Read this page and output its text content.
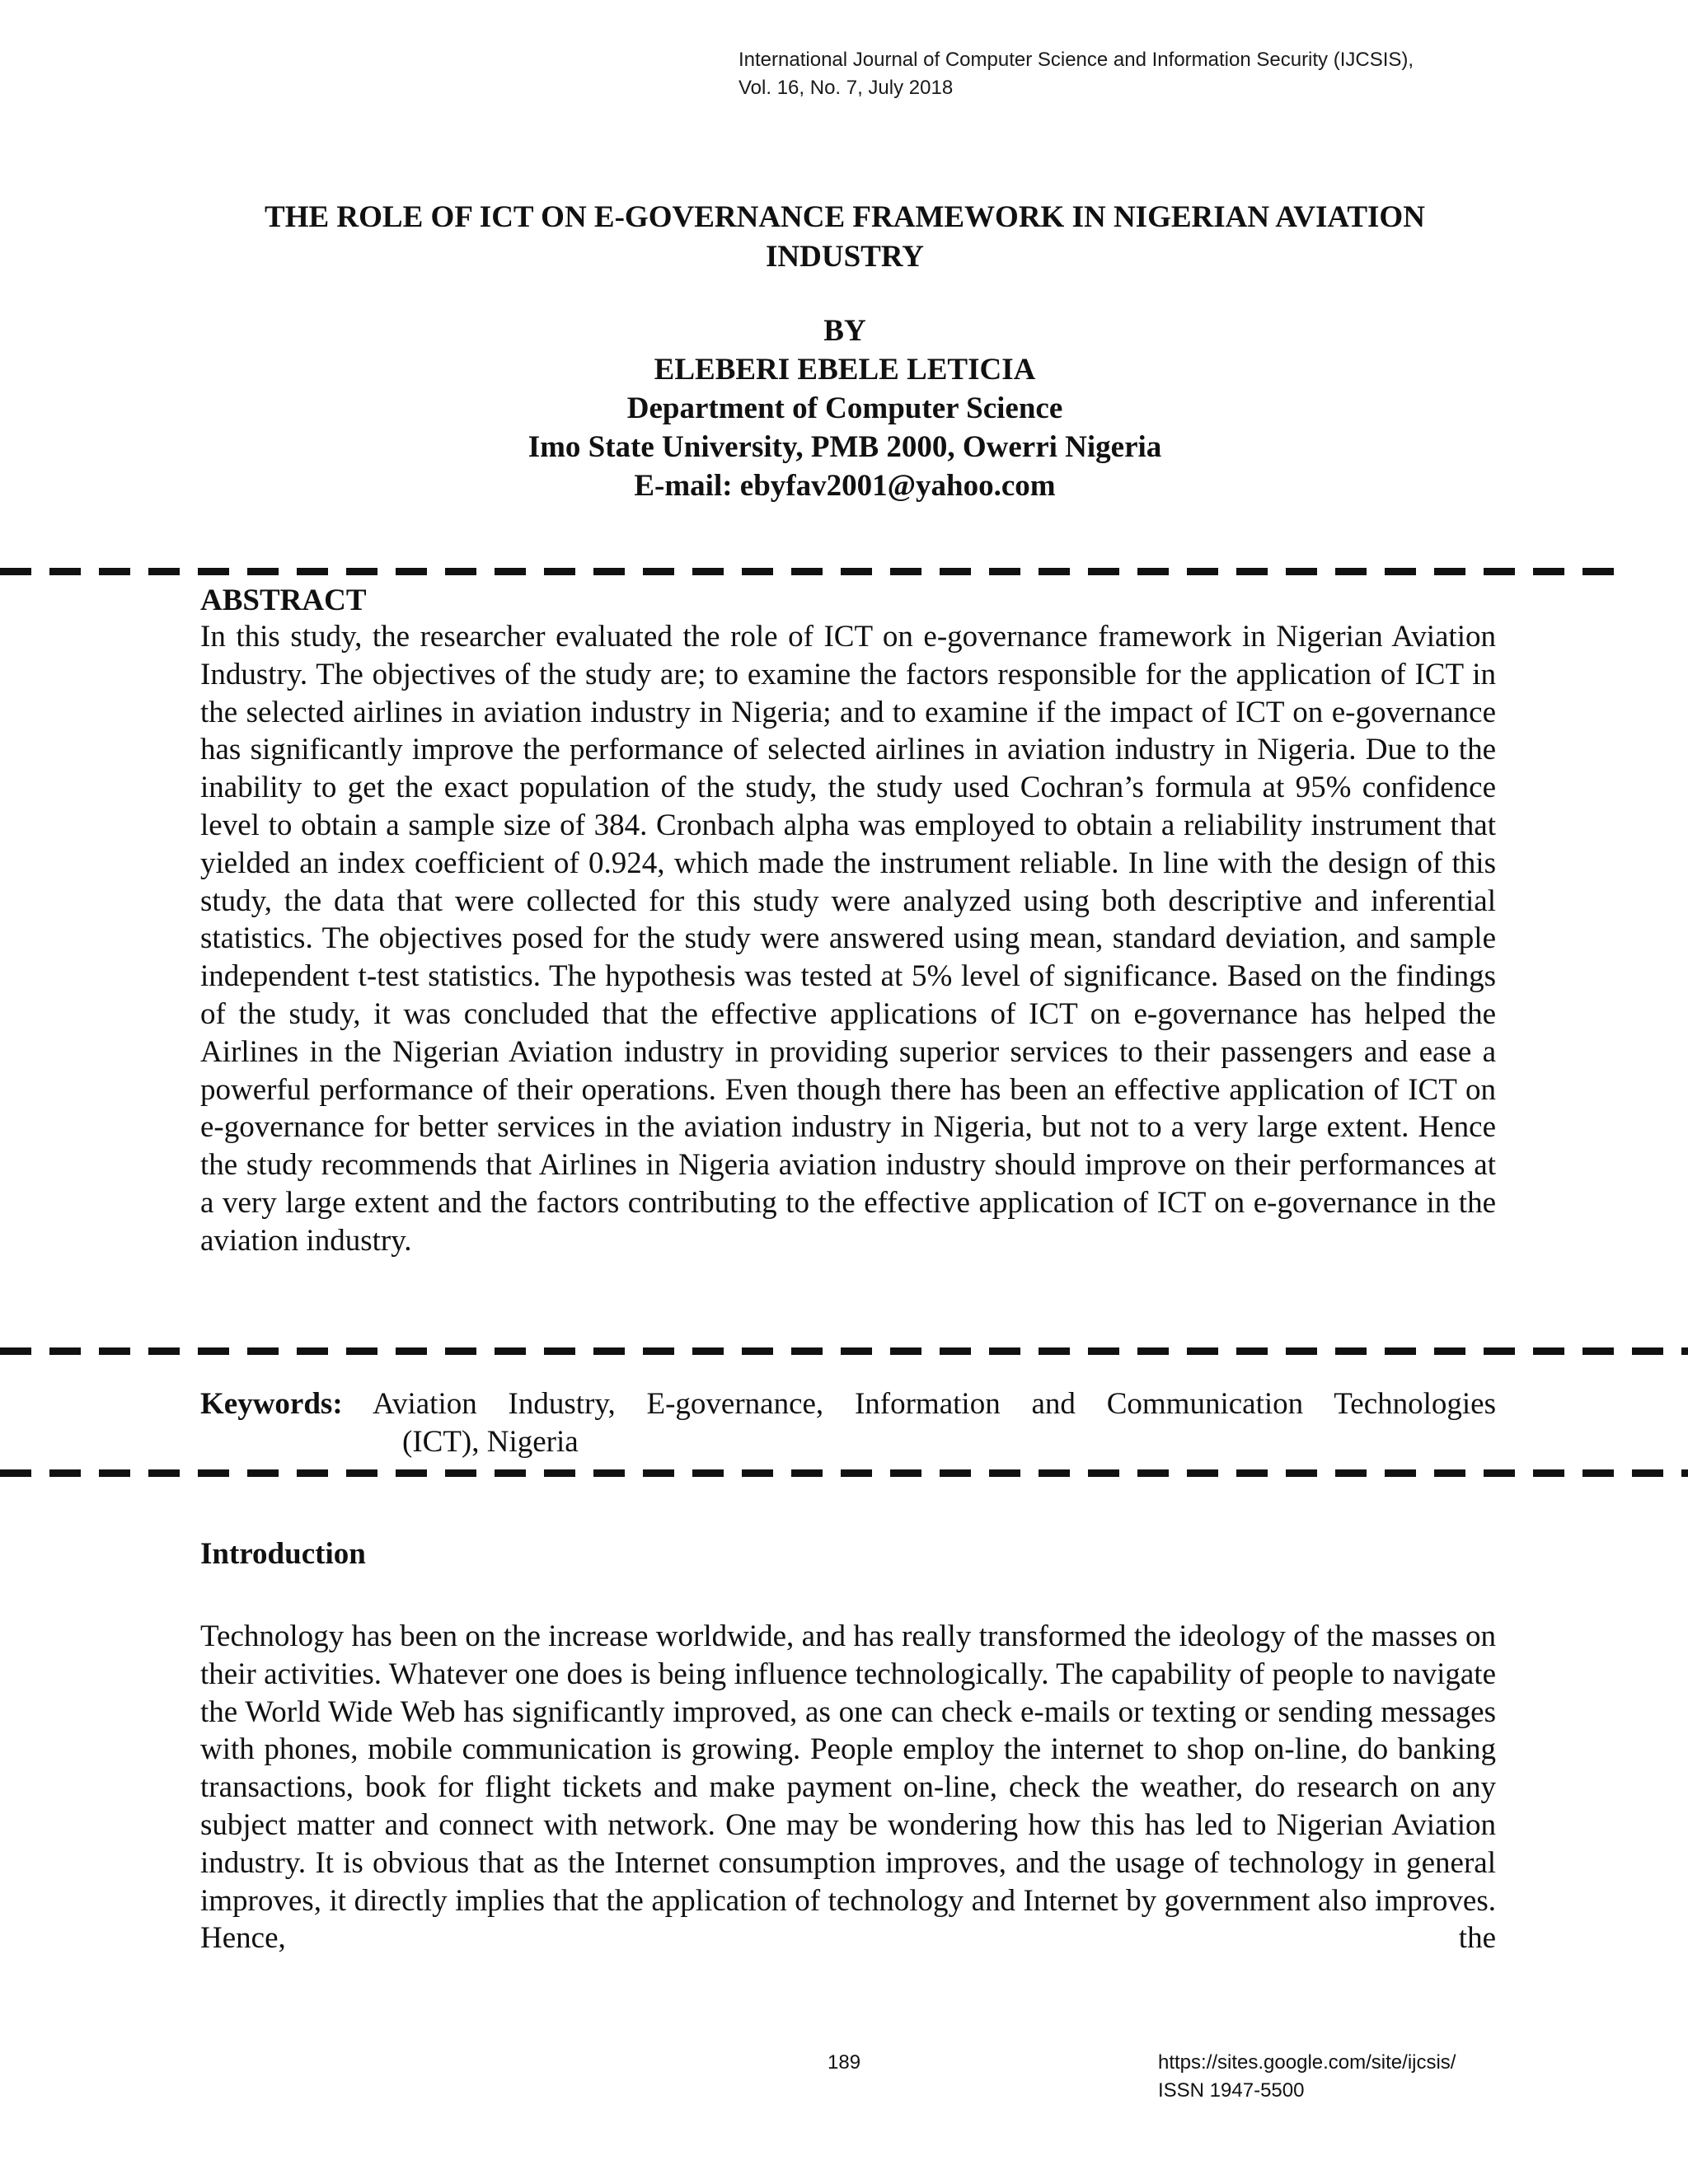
International Journal of Computer Science and Information Security (IJCSIS),
Vol. 16, No. 7, July 2018
THE ROLE OF ICT ON E-GOVERNANCE FRAMEWORK IN NIGERIAN AVIATION
INDUSTRY
BY
ELEBERI EBELE LETICIA
Department of Computer Science
Imo State University, PMB 2000, Owerri Nigeria
E-mail: ebyfav2001@yahoo.com
ABSTRACT

In this study, the researcher evaluated the role of ICT on e-governance framework in Nigerian Aviation Industry. The objectives of the study are; to examine the factors responsible for the application of ICT in the selected airlines in aviation industry in Nigeria; and to examine if the impact of ICT on e-governance has significantly improve the performance of selected airlines in aviation industry in Nigeria. Due to the inability to get the exact population of the study, the study used Cochran’s formula at 95% confidence level to obtain a sample size of 384. Cronbach alpha was employed to obtain a reliability instrument that yielded an index coefficient of 0.924, which made the instrument reliable. In line with the design of this study, the data that were collected for this study were analyzed using both descriptive and inferential statistics. The objectives posed for the study were answered using mean, standard deviation, and sample independent t-test statistics. The hypothesis was tested at 5% level of significance. Based on the findings of the study, it was concluded that the effective applications of ICT on e-governance has helped the Airlines in the Nigerian Aviation industry in providing superior services to their passengers and ease a powerful performance of their operations. Even though there has been an effective application of ICT on e-governance for better services in the aviation industry in Nigeria, but not to a very large extent. Hence the study recommends that Airlines in Nigeria aviation industry should improve on their performances at a very large extent and the factors contributing to the effective application of ICT on e-governance in the aviation industry.

Keywords: Aviation Industry, E-governance, Information and Communication Technologies
(ICT), Nigeria
Introduction

Technology has been on the increase worldwide, and has really transformed the ideology of the masses on their activities. Whatever one does is being influence technologically. The capability of people to navigate the World Wide Web has significantly improved, as one can check e-mails or texting or sending messages with phones, mobile communication is growing. People employ the internet to shop on-line, do banking transactions, book for flight tickets and make payment on-line, check the weather, do research on any subject matter and connect with network. One may be wondering how this has led to Nigerian Aviation industry. It is obvious that as the Internet consumption improves, and the usage of technology in general improves, it directly implies that the application of technology and Internet by government also improves. Hence, the

189	https://sites.google.com/site/ijcsis/
ISSN 1947-5500
